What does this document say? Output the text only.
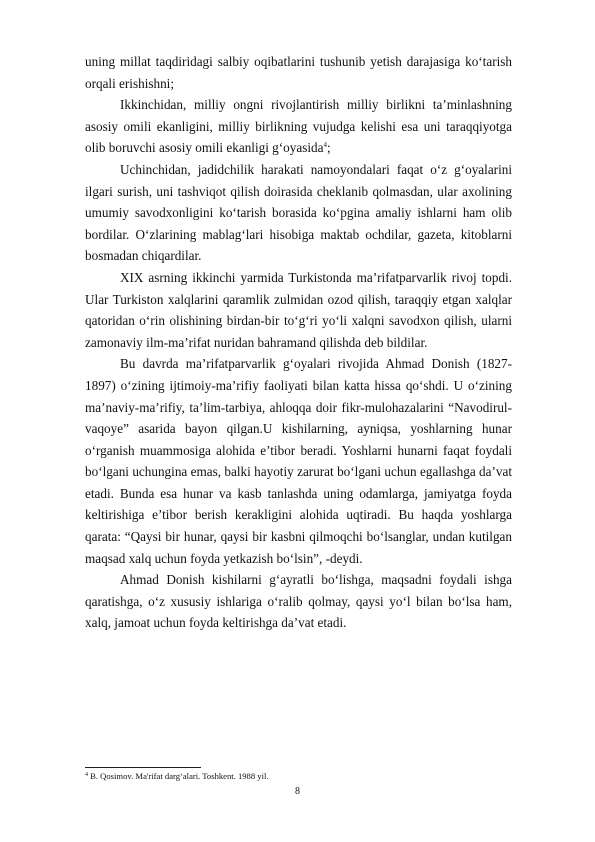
uning millat taqdiridagi salbiy oqibatlarini tushunib yetish darajasiga ko‘tarish orqali erishishni;

Ikkinchidan, milliy ongni rivojlantirish milliy birlikni ta’minlashning asosiy omili ekanligini, milliy birlikning vujudga kelishi esa uni taraqqiyotga olib boruvchi asosiy omili ekanligi g‘oyasida$^4$;

Uchinchidan, jadidchilik harakati namoyondalari faqat o‘z g‘oyalarini ilgari surish, uni tashviqot qilish doirasida cheklanib qolmasdan, ular axolining umumiy savodxonligini ko‘tarish borasida ko‘pgina amaliy ishlarni ham olib bordilar. O‘zlarining mablag‘lari hisobiga maktab ochdilar, gazeta, kitoblarni bosmadan chiqardilar.

XIX asrning ikkinchi yarmida Turkistonda ma’rifatparvarlik rivoj topdi. Ular Turkiston xalqlarini qaramlik zulmidan ozod qilish, taraqqiy etgan xalqlar qatoridan o‘rin olishining birdan-bir to‘g‘ri yo‘li xalqni savodxon qilish, ularni zamonaviy ilm-ma’rifat nuridan bahramand qilishda deb bildilar.

Bu davrda ma’rifatparvarlik g‘oyalari rivojida Ahmad Donish (1827-1897) o‘zining ijtimoiy-ma’rifiy faoliyati bilan katta hissa qo‘shdi. U o‘zining ma’naviy-ma’rifiy, ta’lim-tarbiya, ahloqqa doir fikr-mulohazalarini “Navodirul-vaqoye” asarida bayon qilgan.U kishilarning, ayniqsa, yoshlarning hunar o‘rganish muammosiga alohida e’tibor beradi. Yoshlarni hunarni faqat foydali bo‘lgani uchungina emas, balki hayotiy zarurat bo‘lgani uchun egallashga da’vat etadi. Bunda esa hunar va kasb tanlashda uning odamlarga, jamiyatga foyda keltirishiga e’tibor berish kerakligini alohida uqtiradi. Bu haqda yoshlarga qarata: “Qaysi bir hunar, qaysi bir kasbni qilmoqchi bo‘lsanglar, undan kutilgan maqsad xalq uchun foyda yetkazish bo‘lsin”, -deydi.

Ahmad Donish kishilarni g‘ayratli bo‘lishga, maqsadni foydali ishga qaratishga, o‘z xususiy ishlariga o‘ralib qolmay, qaysi yo‘l bilan bo‘lsa ham, xalq, jamoat uchun foyda keltirishga da’vat etadi.

$^4$ B. Qosimov. Ma'rifat darg‘alari. Toshkent. 1988 yil.
8
